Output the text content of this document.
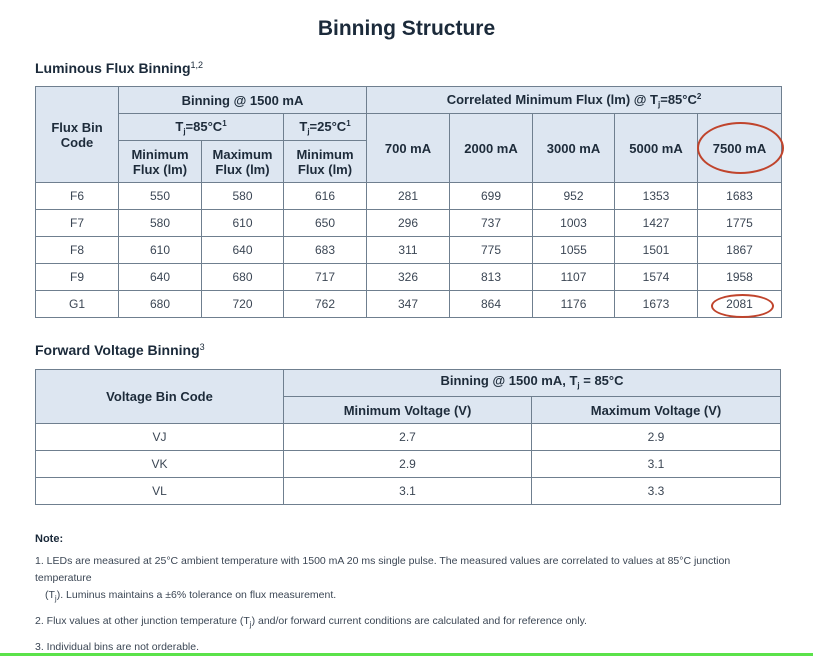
Binning Structure
Luminous Flux Binning$^{1,2}$
Flux Bin Code	Binning @ 1500 mA			Correlated Minimum Flux (lm) @ $T_j=85^\circ C^2$
	$T_j=85^\circ C^1$		$T_j=25^\circ C^1$	700 mA	2000 mA	3000 mA	5000 mA	7500 mA
	Minimum Flux (lm)	Maximum Flux (lm)	Minimum Flux (lm)					
F6	550	580	616	281	699	952	1353	1683
F7	580	610	650	296	737	1003	1427	1775
F8	610	640	683	311	775	1055	1501	1867
F9	640	680	717	326	813	1107	1574	1958
G1	680	720	762	347	864	1176	1673	2081
Forward Voltage Binning$^3$
Voltage Bin Code	Binning @ 1500 mA, $T_j = 85^\circ C$	
	Minimum Voltage (V)	Maximum Voltage (V)
VJ	2.7	2.9
VK	2.9	3.1
VL	3.1	3.3
Note:
1. LEDs are measured at 25°C ambient temperature with 1500 mA 20 ms single pulse. The measured values are correlated to values at 85°C junction temperature
$(T_j)$. Luminus maintains a ±6% tolerance on flux measurement.
2. Flux values at other junction temperature $(T_j)$ and/or forward current conditions are calculated and for reference only.
3. Individual bins are not orderable.
